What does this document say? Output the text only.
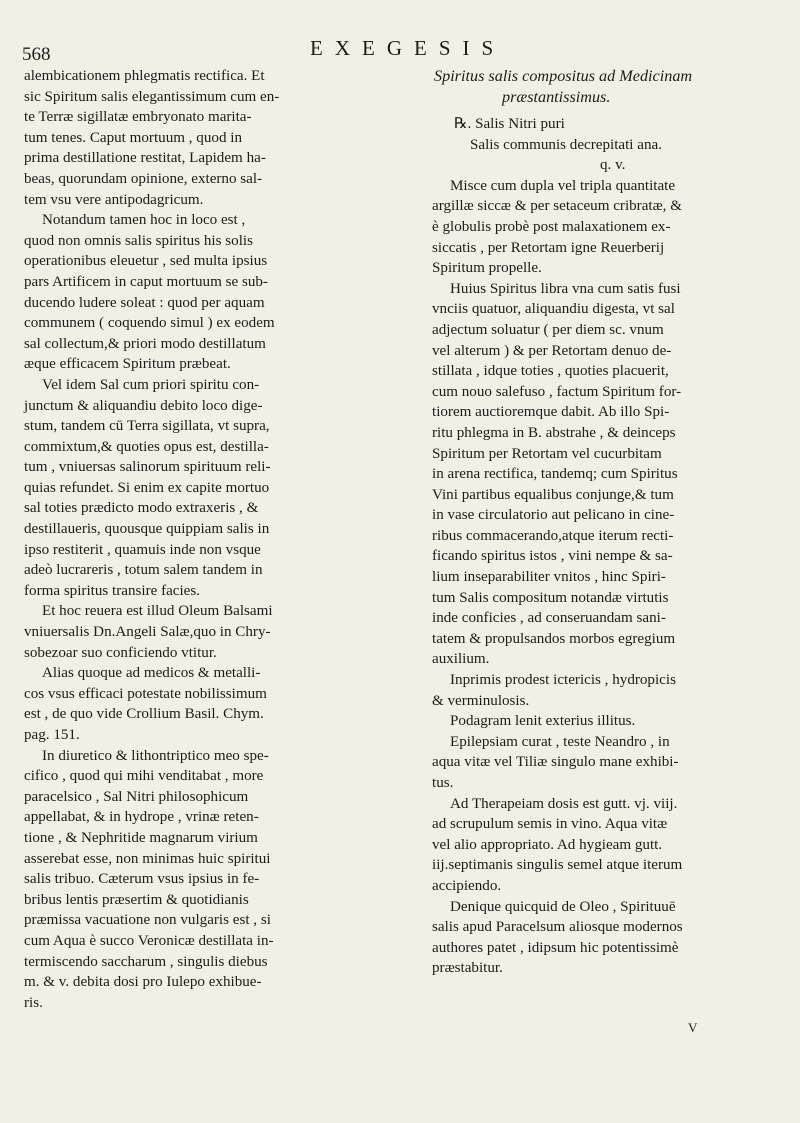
568	EXEGESIS
alembicationem phlegmatis rectifica. Et
sic Spiritum salis elegantissimum cum en-
te Terræ sigillatæ embryonato marita-
tum tenes. Caput mortuum , quod in
prima destillatione restitat, Lapidem ha-
beas, quorundam opinione, externo sal-
tem vsu vere antipodagricum.
Notandum tamen hoc in loco est ,
quod non omnis salis spiritus his solis
operationibus eleuetur , sed multa ipsius
pars Artificem in caput mortuum se sub-
ducendo ludere soleat : quod per aquam
communem ( coquendo simul ) ex eodem
sal collectum,& priori modo destillatum
æque efficacem Spiritum præbeat.
Vel idem Sal cum priori spiritu con-
junctum & aliquandiu debito loco dige-
stum, tandem cū Terra sigillata, vt supra,
commixtum,& quoties opus est, destilla-
tum , vniuersas salinorum spirituum reli-
quias refundet. Si enim ex capite mortuo
sal toties prædicto modo extraxeris , &
destillaueris, quousque quippiam salis in
ipso restiterit , quamuis inde non vsque
adeò lucrareris , totum salem tandem in
forma spiritus transire facies.
Et hoc reuera est illud Oleum Balsami
vniuersalis Dn.Angeli Salæ,quo in Chry-
sobezoar suo conficiendo vtitur.
Alias quoque ad medicos & metalli-
cos vsus efficaci potestate nobilissimum
est , de quo vide Crollium Basil. Chym.
pag. 151.
In diuretico & lithontriptico meo spe-
cifico , quod qui mihi venditabat , more
paracelsico , Sal Nitri philosophicum
appellabat, & in hydrope , vrinæ reten-
tione , & Nephritide magnarum virium
asserebat esse, non minimas huic spiritui
salis tribuo. Cæterum vsus ipsius in fe-
bribus lentis præsertim & quotidianis
præmissa vacuatione non vulgaris est , si
cum Aqua è succo Veronicæ destillata in-
termiscendo saccharum , singulis diebus
m. & v. debita dosi pro Iulepo exhibue-
ris.
Spiritus salis compositus ad Medicinam
præstantissimus.
℞. Salis Nitri puri
Salis communis decrepitati ana.
q. v.
Misce cum dupla vel tripla quantitate
argillæ siccæ & per setaceum cribratæ, &
è globulis probè post malaxationem ex-
siccatis , per Retortam igne Reuerberij
Spiritum propelle.
Huius Spiritus libra vna cum satis fusi
vnciis quatuor, aliquandiu digesta, vt sal
adjectum soluatur ( per diem sc. vnum
vel alterum ) & per Retortam denuo de-
stillata , idque toties , quoties placuerit,
cum nouo salefuso , factum Spiritum for-
tiorem auctioremque dabit. Ab illo Spi-
ritu phlegma in B. abstrahe , & deinceps
Spiritum per Retortam vel cucurbitam
in arena rectifica, tandemq; cum Spiritus
Vini partibus equalibus conjunge,& tum
in vase circulatorio aut pelicano in cine-
ribus commacerando,atque iterum recti-
ficando spiritus istos , vini nempe & sa-
lium inseparabiliter vnitos , hinc Spiri-
tum Salis compositum notandæ virtutis
inde conficies , ad conseruandam sani-
tatem & propulsandos morbos egregium
auxilium.
Inprimis prodest ictericis , hydropicis
& verminulosis.
Podagram lenit exterius illitus.
Epilepsiam curat , teste Neandro , in
aqua vitæ vel Tiliæ singulo mane exhibi-
tus.
Ad Therapeiam dosis est gutt. vj. viij.
ad scrupulum semis in vino. Aqua vitæ
vel alio appropriato. Ad hygieam gutt.
iij.septimanis singulis semel atque iterum
accipiendo.
Denique quicquid de Oleo , Spirituuē
salis apud Paracelsum aliosque modernos
authores patet , idipsum hic potentissimè
præstabitur.
V
